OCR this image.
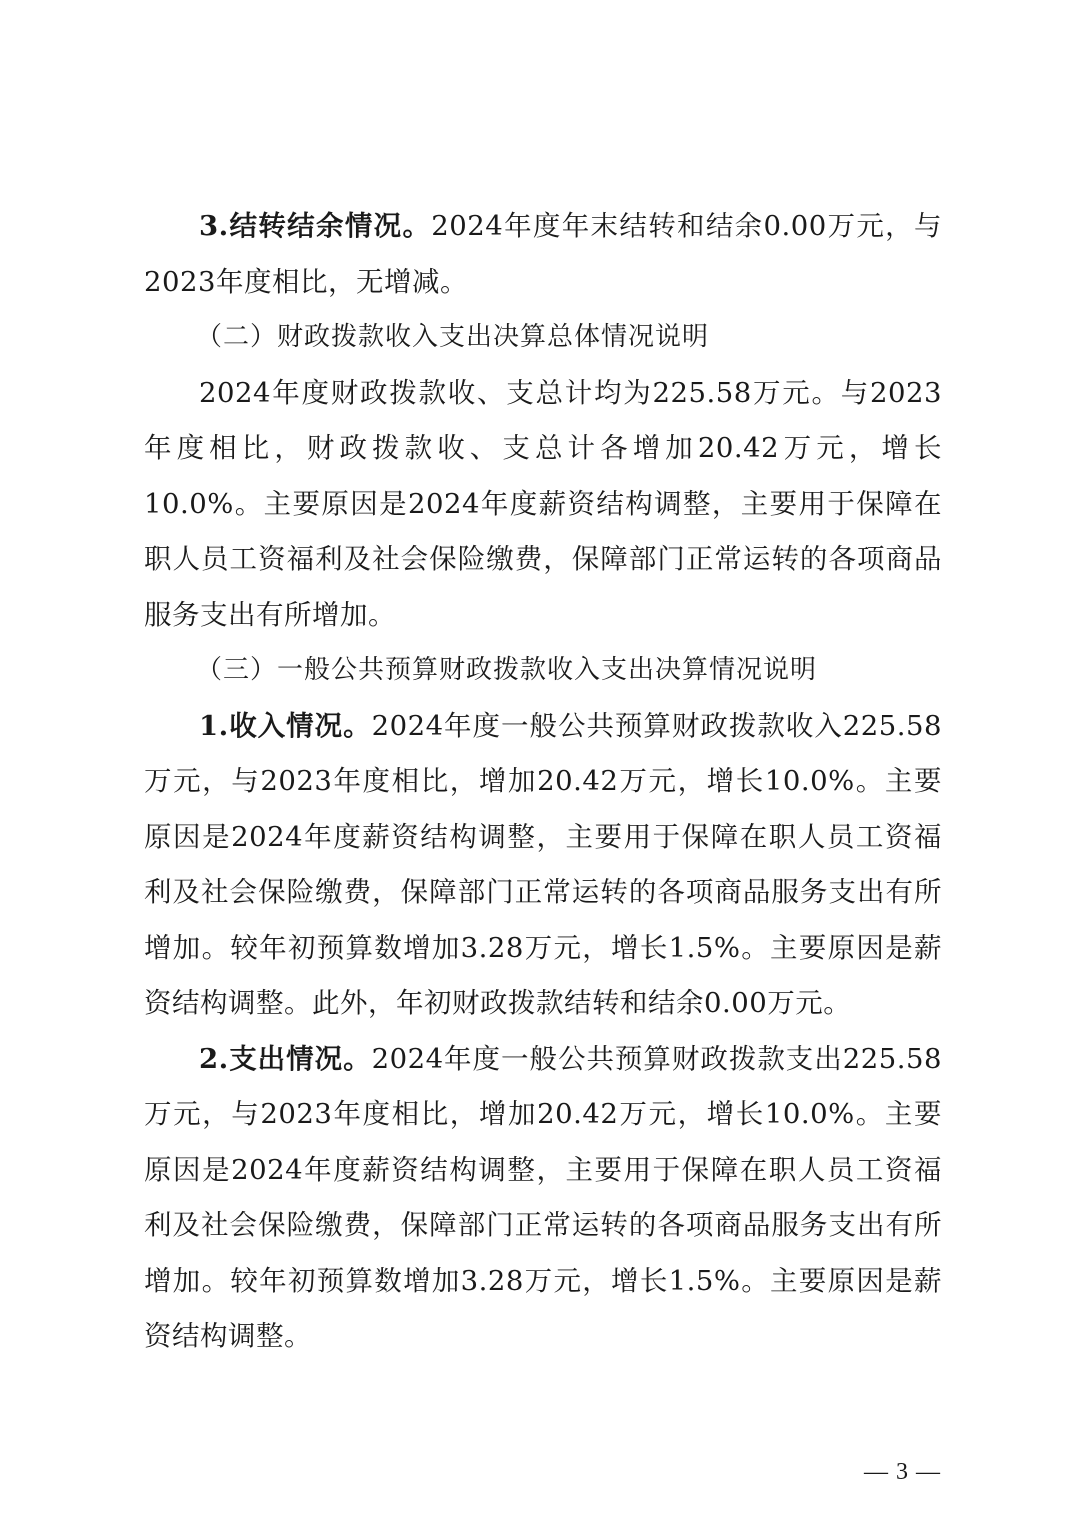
3.结转结余情况。2024年度年末结转和结余0.00万元，与2023年度相比，无增减。

（二）财政拨款收入支出决算总体情况说明

2024年度财政拨款收、支总计均为225.58万元。与2023年度相比，财政拨款收、支总计各增加20.42万元，增长10.0%。主要原因是2024年度薪资结构调整，主要用于保障在职人员工资福利及社会保险缴费，保障部门正常运转的各项商品服务支出有所增加。

（三）一般公共预算财政拨款收入支出决算情况说明

1.收入情况。2024年度一般公共预算财政拨款收入225.58万元，与2023年度相比，增加20.42万元，增长10.0%。主要原因是2024年度薪资结构调整，主要用于保障在职人员工资福利及社会保险缴费，保障部门正常运转的各项商品服务支出有所增加。较年初预算数增加3.28万元，增长1.5%。主要原因是薪资结构调整。此外，年初财政拨款结转和结余0.00万元。

2.支出情况。2024年度一般公共预算财政拨款支出225.58万元，与2023年度相比，增加20.42万元，增长10.0%。主要原因是2024年度薪资结构调整，主要用于保障在职人员工资福利及社会保险缴费，保障部门正常运转的各项商品服务支出有所增加。较年初预算数增加3.28万元，增长1.5%。主要原因是薪资结构调整。

— 3 —
